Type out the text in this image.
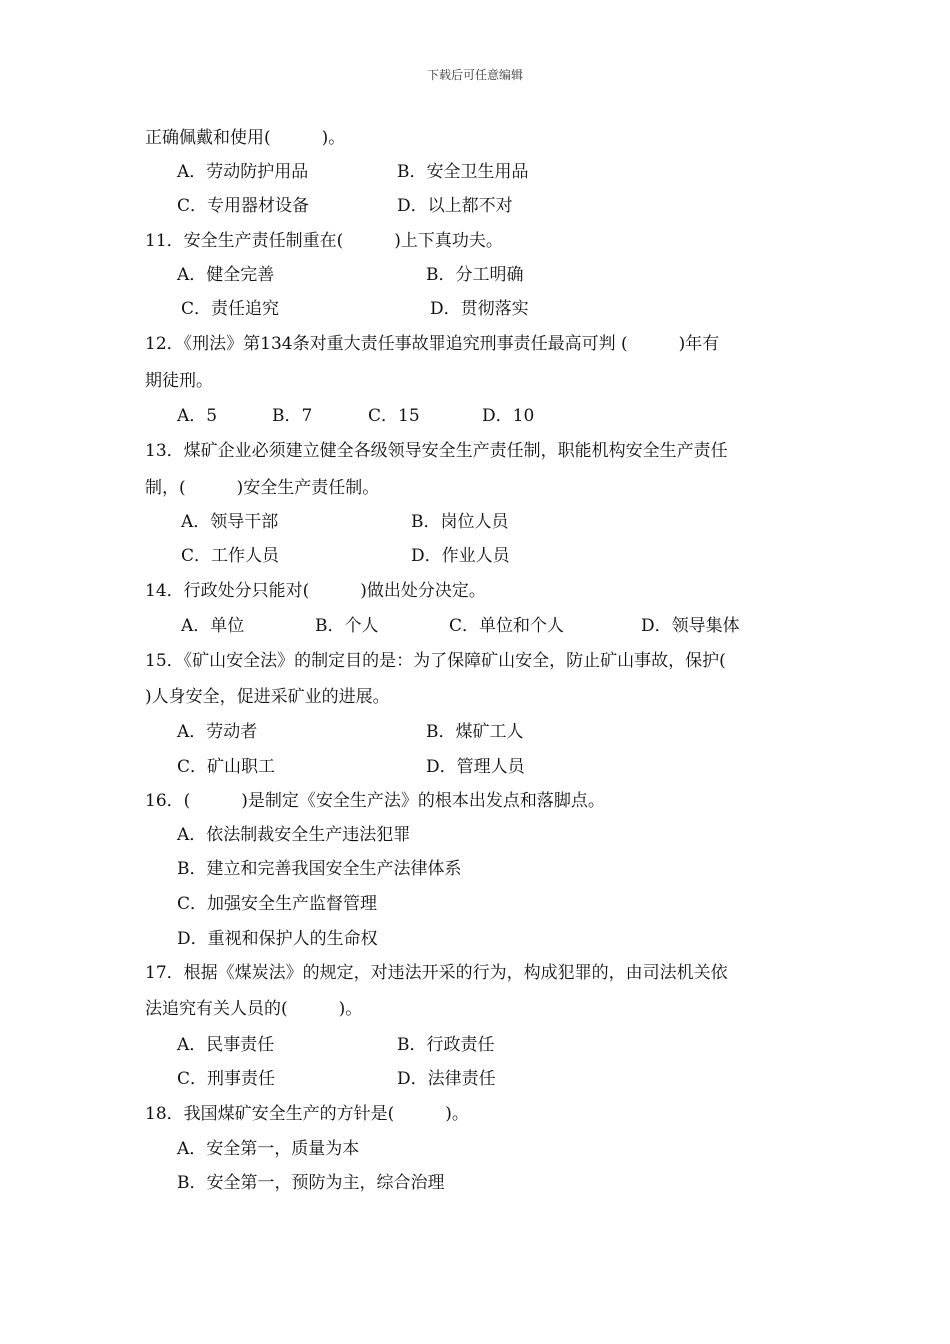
下载后可任意编辑
正确佩戴和使用(　　　)。
A．劳动防护用品	B．安全卫生用品
C．专用器材设备	D．以上都不对
11．安全生产责任制重在(　　　)上下真功夫。
A．健全完善	B．分工明确
C．责任追究	D．贯彻落实
12．《刑法》第134条对重大责任事故罪追究刑事责任最高可判 (　　　)年有
期徒刑。
A．5	B．7	C．15	D．10
13．煤矿企业必须建立健全各级领导安全生产责任制，职能机构安全生产责任
制，(　　　)安全生产责任制。
A．领导干部	B．岗位人员
C．工作人员	D．作业人员
14．行政处分只能对(　　　)做出处分决定。
A．单位	B．个人	C．单位和个人	D．领导集体
15．《矿山安全法》的制定目的是：为了保障矿山安全，防止矿山事故，保护(
)人身安全，促进采矿业的进展。
A．劳动者	B．煤矿工人
C．矿山职工	D．管理人员
16．(　　　)是制定《安全生产法》的根本出发点和落脚点。
A．依法制裁安全生产违法犯罪
B．建立和完善我国安全生产法律体系
C．加强安全生产监督管理
D．重视和保护人的生命权
17．根据《煤炭法》的规定，对违法开采的行为，构成犯罪的，由司法机关依
法追究有关人员的(　　　)。
A．民事责任	B．行政责任
C．刑事责任	D．法律责任
18．我国煤矿安全生产的方针是(　　　)。
A．安全第一，质量为本
B．安全第一，预防为主，综合治理
